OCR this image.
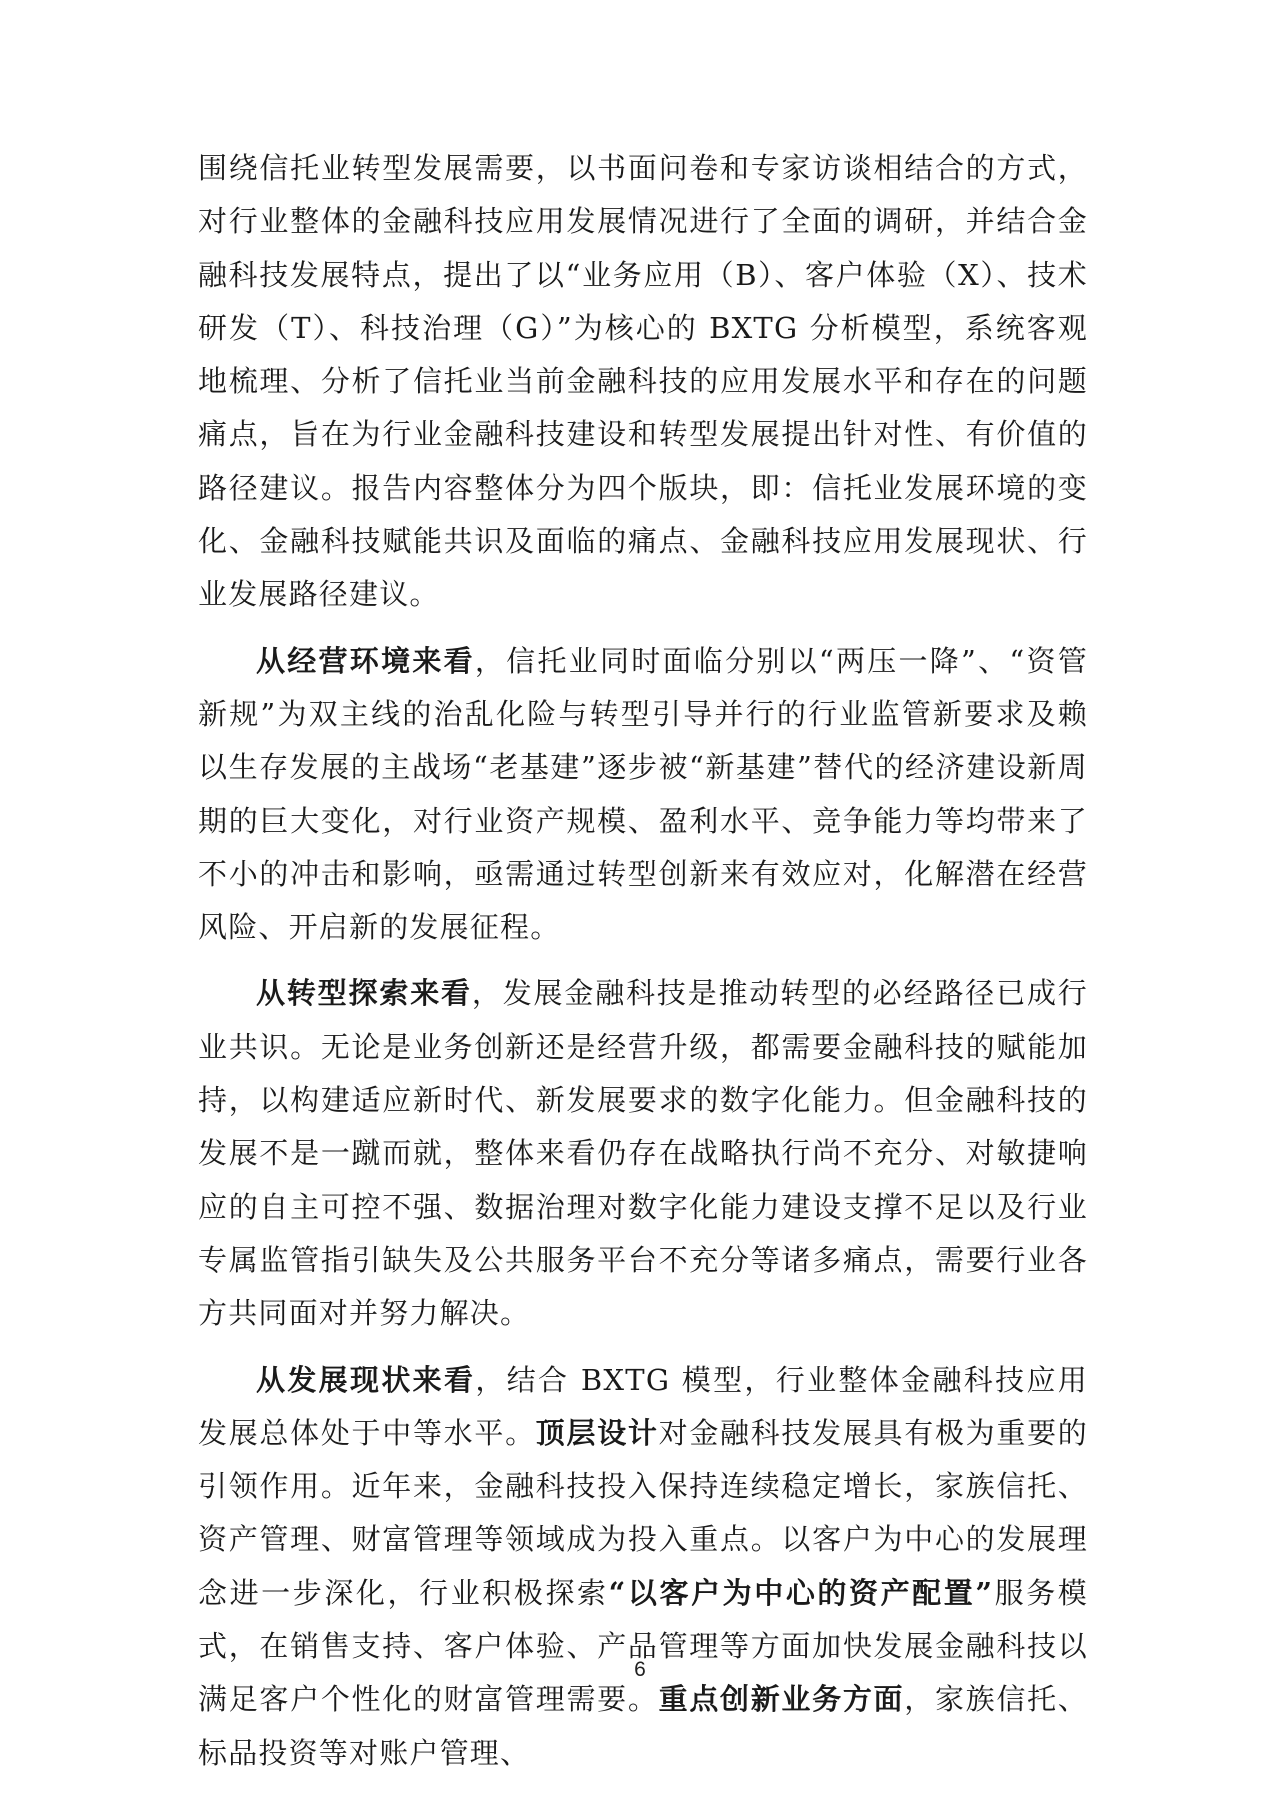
围绕信托业转型发展需要，以书面问卷和专家访谈相结合的方式，对行业整体的金融科技应用发展情况进行了全面的调研，并结合金融科技发展特点，提出了以“业务应用（B）、客户体验（X）、技术研发（T）、科技治理（G）”为核心的 BXTG 分析模型，系统客观地梳理、分析了信托业当前金融科技的应用发展水平和存在的问题痛点，旨在为行业金融科技建设和转型发展提出针对性、有价值的路径建议。报告内容整体分为四个版块，即：信托业发展环境的变化、金融科技赋能共识及面临的痛点、金融科技应用发展现状、行业发展路径建议。

从经营环境来看，信托业同时面临分别以“两压一降”、“资管新规”为双主线的治乱化险与转型引导并行的行业监管新要求及赖以生存发展的主战场“老基建”逐步被“新基建”替代的经济建设新周期的巨大变化，对行业资产规模、盈利水平、竞争能力等均带来了不小的冲击和影响，亟需通过转型创新来有效应对，化解潜在经营风险、开启新的发展征程。

从转型探索来看，发展金融科技是推动转型的必经路径已成行业共识。无论是业务创新还是经营升级，都需要金融科技的赋能加持，以构建适应新时代、新发展要求的数字化能力。但金融科技的发展不是一蹴而就，整体来看仍存在战略执行尚不充分、对敏捷响应的自主可控不强、数据治理对数字化能力建设支撑不足以及行业专属监管指引缺失及公共服务平台不充分等诸多痛点，需要行业各方共同面对并努力解决。

从发展现状来看，结合 BXTG 模型，行业整体金融科技应用发展总体处于中等水平。顶层设计对金融科技发展具有极为重要的引领作用。近年来，金融科技投入保持连续稳定增长，家族信托、资产管理、财富管理等领域成为投入重点。以客户为中心的发展理念进一步深化，行业积极探索“以客户为中心的资产配置”服务模式，在销售支持、客户体验、产品管理等方面加快发展金融科技以满足客户个性化的财富管理需要。重点创新业务方面，家族信托、标品投资等对账户管理、

6
